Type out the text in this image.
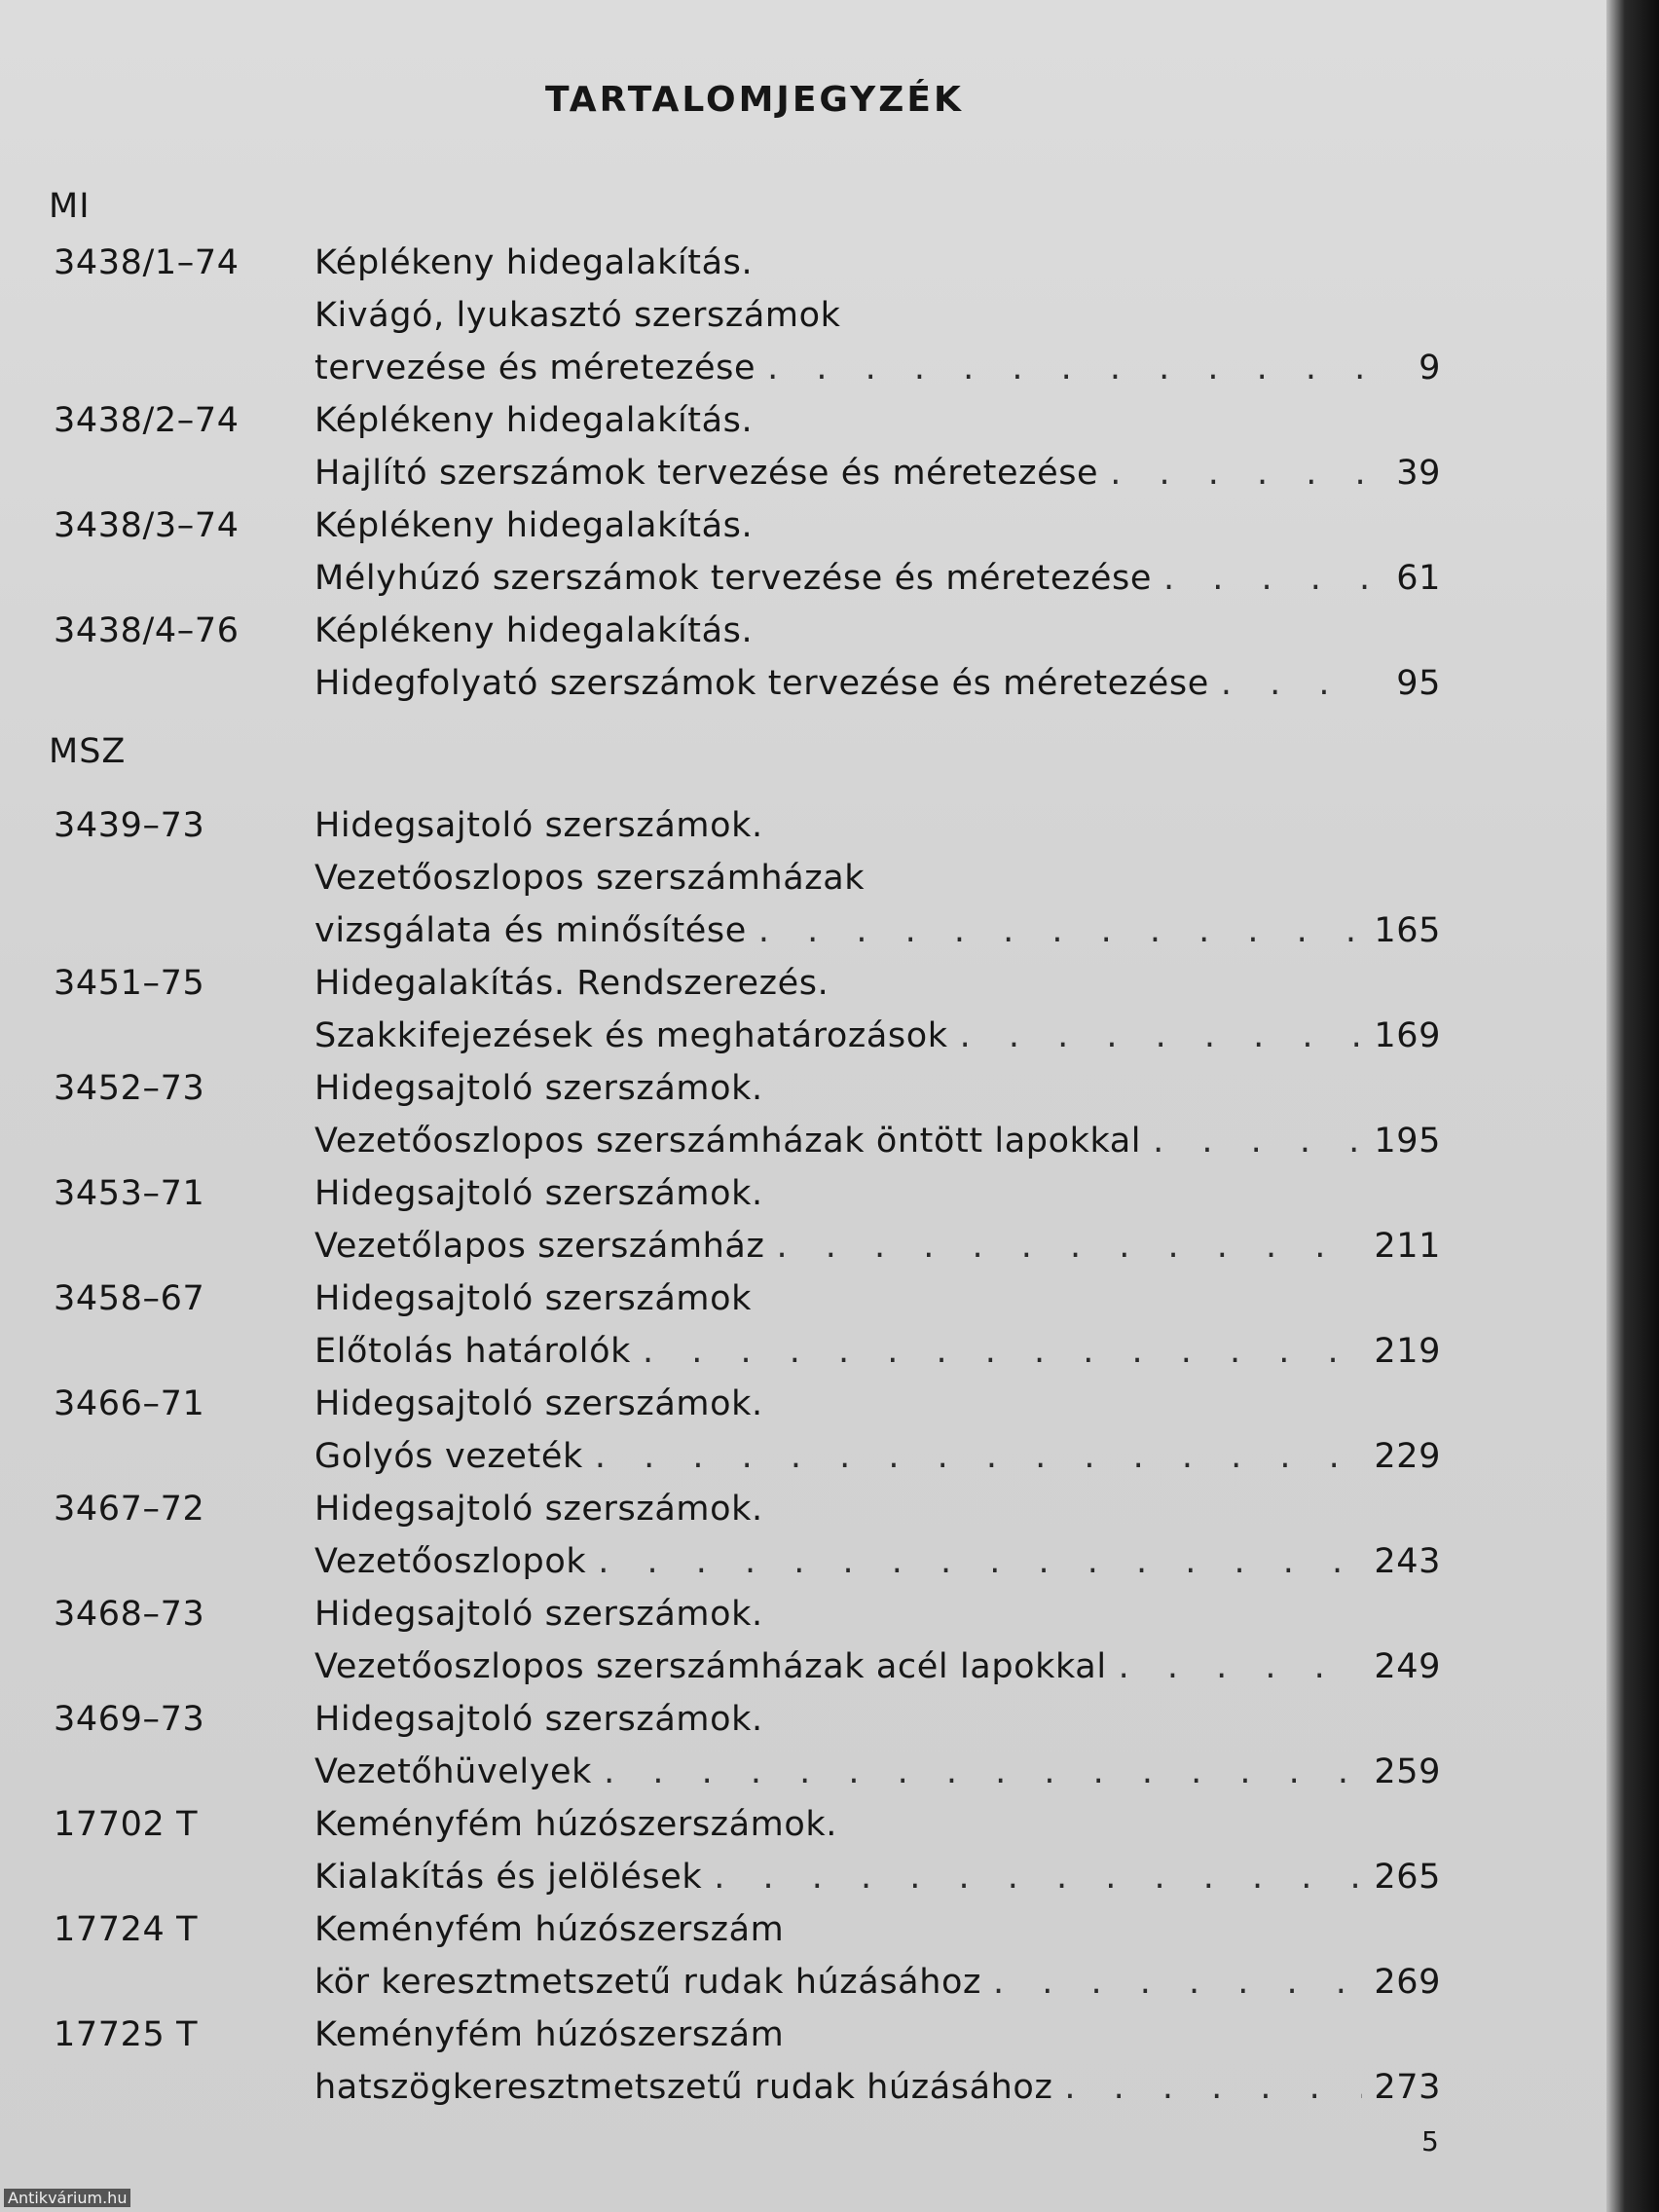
TARTALOMJEGYZÉK
MI
3438/1–74 Képlékeny hidegalakítás.
Kivágó, lyukasztó szerszámok
tervezése és méretezése . . .	9
3438/2–74 Képlékeny hidegalakítás.
Hajlító szerszámok tervezése és méretezése . . .	39
3438/3–74 Képlékeny hidegalakítás.
Mélyhúzó szerszámok tervezése és méretezése . . .	61
3438/4–76 Képlékeny hidegalakítás.
Hidegfolyató szerszámok tervezése és méretezése . . .	95
MSZ
3439–73	Hidegsajtoló szerszámok.
Vezetőoszlopos szerszámházak
vizsgálata és minősítése . . .	165
3451–75	Hidegalakítás. Rendszerezés.
Szakkifejezések és meghatározások . . .	169
3452–73	Hidegsajtoló szerszámok.
Vezetőoszlopos szerszámházak öntött lapokkal . . .	195
3453–71	Hidegsajtoló szerszámok.
Vezetőlapos szerszámház . . .	211
3458–67	Hidegsajtoló szerszámok
Előtolás határolók . . .	219
3466–71	Hidegsajtoló szerszámok.
Golyós vezeték . . .	229
3467–72	Hidegsajtoló szerszámok.
Vezetőoszlopok . . .	243
3468–73	Hidegsajtoló szerszámok.
Vezetőoszlopos szerszámházak acél lapokkal . . .	249
3469–73	Hidegsajtoló szerszámok.
Vezetőhüvelyek . . .	259
17702 T	Keményfém húzószerszámok.
Kialakítás és jelölések . . .	265
17724 T	Keményfém húzószerszám
kör keresztmetszetű rudak húzásához . . .	269
17725 T	Keményfém húzószerszám
hatszögkeresztmetszetű rudak húzásához . . .	273
5
Antikvárium.hu
